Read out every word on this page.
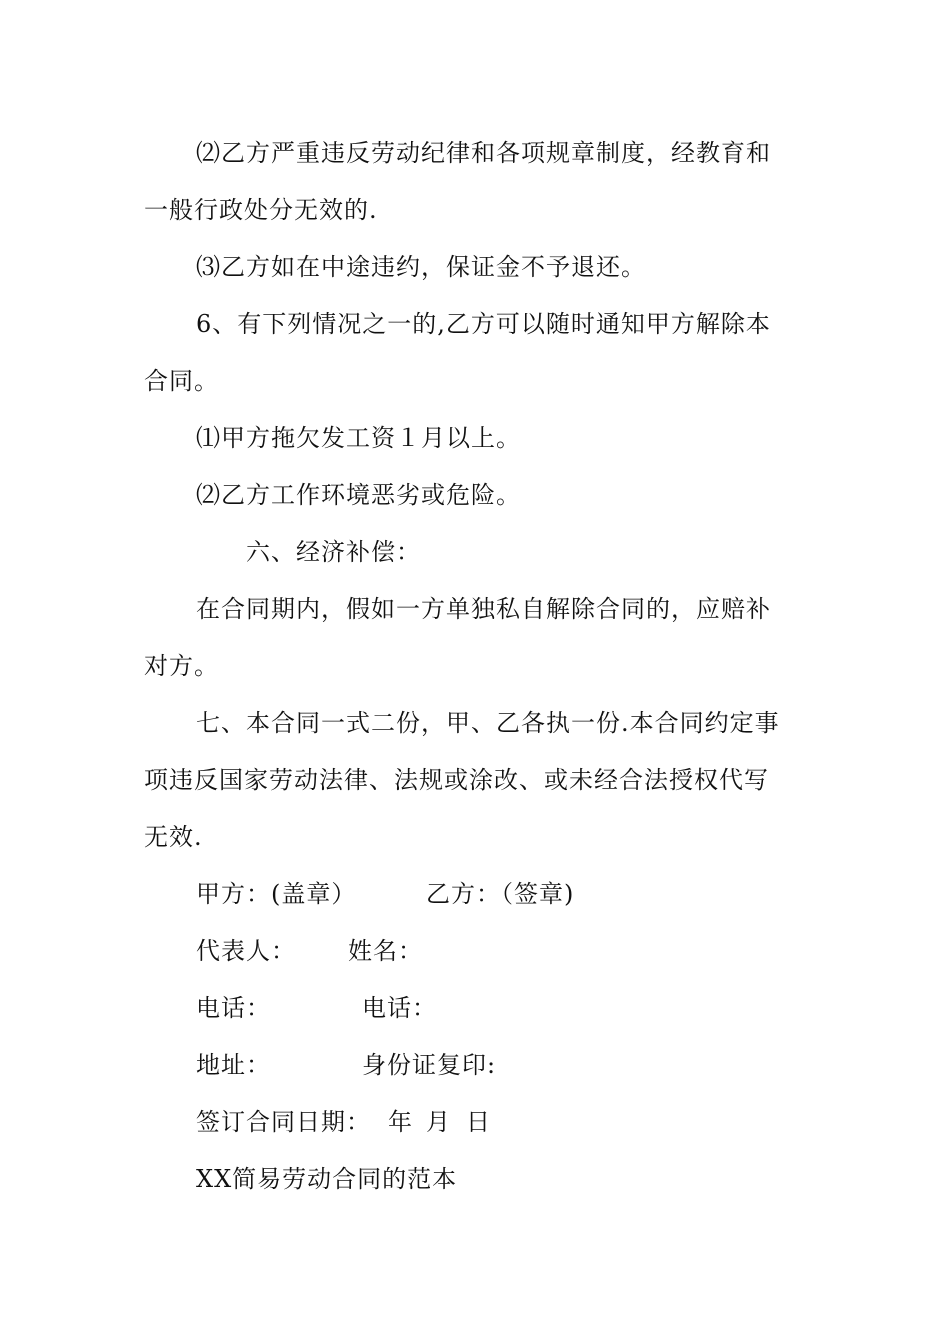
⑵乙方严重违反劳动纪律和各项规章制度，经教育和
一般行政处分无效的.
⑶乙方如在中途违约，保证金不予退还。
6、有下列情况之一的,乙方可以随时通知甲方解除本
合同。
⑴甲方拖欠发工资１月以上。
⑵乙方工作环境恶劣或危险。
六、经济补偿：
在合同期内，假如一方单独私自解除合同的，应赔补
对方。
七、本合同一式二份，甲、乙各执一份.本合同约定事
项违反国家劳动法律、法规或涂改、或未经合法授权代写
无效.
甲方：(盖章）	乙方：（签章)
代表人： 姓名：
电话：	电话：
地址：	身份证复印:
签订合同日期： 年 月 日
XX简易劳动合同的范本
